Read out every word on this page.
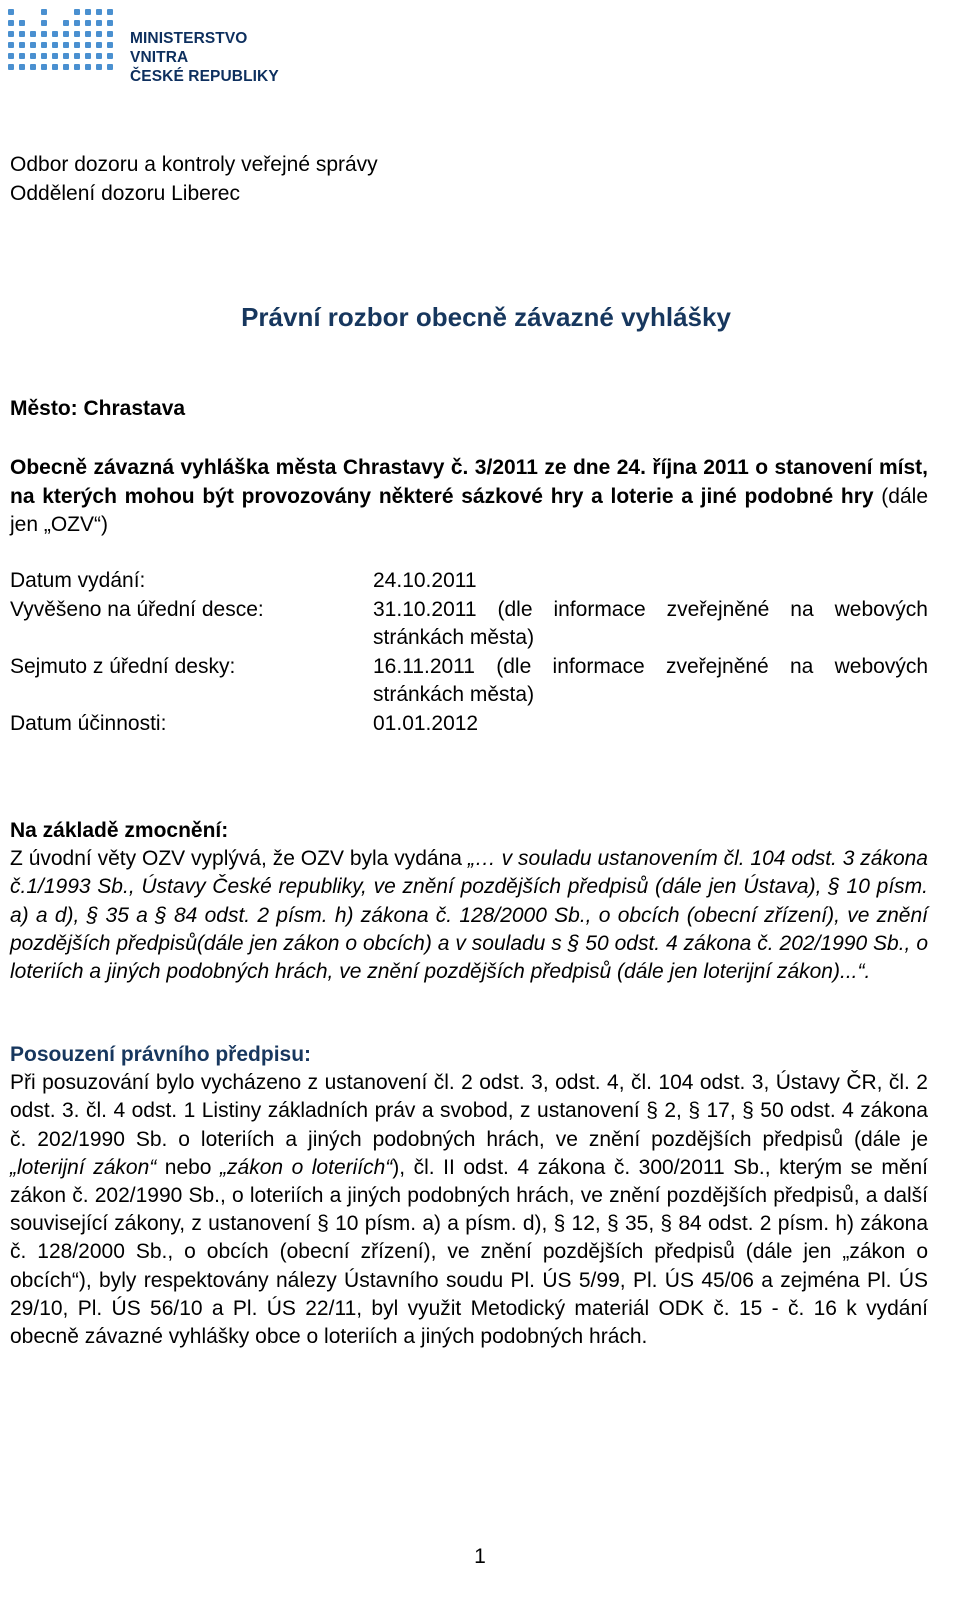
MINISTERSTVO VNITRA
ČESKÉ REPUBLIKY
Odbor dozoru a kontroly veřejné správy
Oddělení dozoru Liberec
Právní rozbor obecně závazné vyhlášky
Město: Chrastava
Obecně závazná vyhláška města Chrastavy č. 3/2011 ze dne 24. října 2011 o stanovení míst, na kterých mohou být provozovány některé sázkové hry a loterie a jiné podobné hry (dále jen „OZV“)
Datum vydání:	24.10.2011
Vyvěšeno na úřední desce:	31.10.2011 (dle informace zveřejněné na webových stránkách města)
Sejmuto z úřední desky:	16.11.2011 (dle informace zveřejněné na webových stránkách města)
Datum účinnosti:	01.01.2012
Na základě zmocnění:
Z úvodní věty OZV vyplývá, že OZV byla vydána „… v souladu ustanovením čl. 104 odst. 3 zákona č.1/1993 Sb., Ústavy České republiky, ve znění pozdějších předpisů (dále jen Ústava), § 10 písm. a) a d), § 35 a § 84 odst. 2 písm. h) zákona č. 128/2000 Sb., o obcích (obecní zřízení), ve znění pozdějších předpisů(dále jen zákon o obcích) a v souladu s § 50 odst. 4 zákona č. 202/1990 Sb., o loteriích a jiných podobných hrách, ve znění pozdějších předpisů (dále jen loterijní zákon)...“.
Posouzení právního předpisu:
Při posuzování bylo vycházeno z ustanovení čl. 2 odst. 3, odst. 4, čl. 104 odst. 3, Ústavy ČR, čl. 2 odst. 3. čl. 4 odst. 1 Listiny základních práv a svobod, z ustanovení § 2, § 17, § 50 odst. 4 zákona č. 202/1990 Sb. o loteriích a jiných podobných hrách, ve znění pozdějších předpisů (dále je „loterijní zákon“ nebo „zákon o loteriích“), čl. II odst. 4 zákona č. 300/2011 Sb., kterým se mění zákon č. 202/1990 Sb., o loteriích a jiných podobných hrách, ve znění pozdějších předpisů, a další související zákony, z ustanovení § 10 písm. a) a písm. d), § 12, § 35, § 84 odst. 2 písm. h) zákona č. 128/2000 Sb., o obcích (obecní zřízení), ve znění pozdějších předpisů (dále jen „zákon o obcích“), byly respektovány nálezy Ústavního soudu Pl. ÚS 5/99, Pl. ÚS 45/06 a zejména Pl. ÚS 29/10, Pl. ÚS 56/10 a Pl. ÚS 22/11, byl využit Metodický materiál ODK č. 15 - č. 16 k vydání obecně závazné vyhlášky obce o loteriích a jiných podobných hrách.
1
